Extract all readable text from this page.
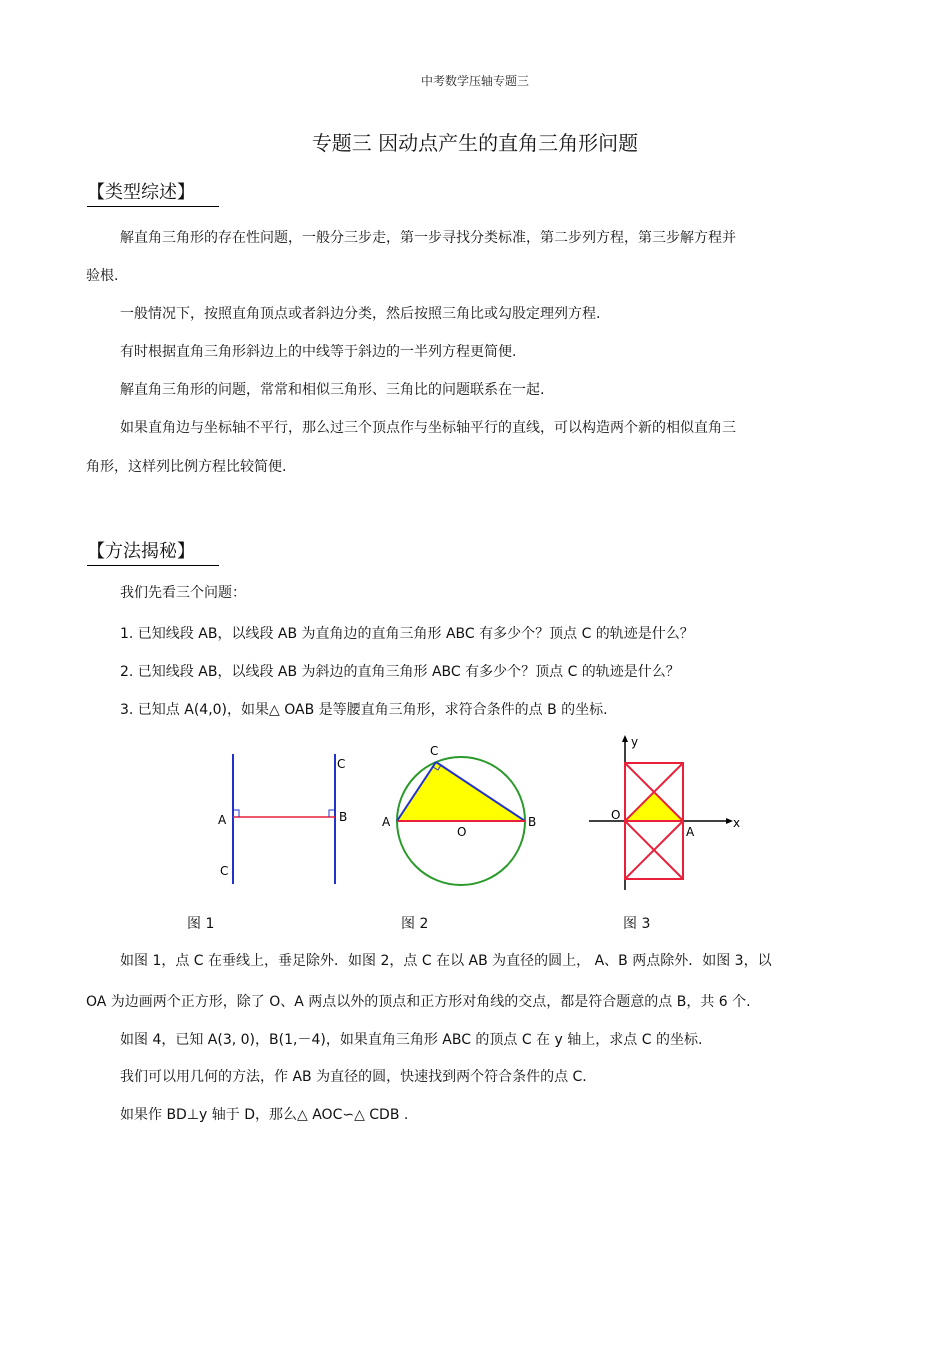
中考数学压轴专题三
专题三 因动点产生的直角三角形问题
【类型综述】
解直角三角形的存在性问题，一般分三步走，第一步寻找分类标准，第二步列方程，第三步解方程并
验根.
一般情况下，按照直角顶点或者斜边分类，然后按照三角比或勾股定理列方程.
有时根据直角三角形斜边上的中线等于斜边的一半列方程更简便.
解直角三角形的问题，常常和相似三角形、三角比的问题联系在一起.
如果直角边与坐标轴不平行，那么过三个顶点作与坐标轴平行的直线，可以构造两个新的相似直角三
角形，这样列比例方程比较简便.
【方法揭秘】
我们先看三个问题：
1. 已知线段 AB，以线段 AB 为直角边的直角三角形 ABC 有多少个？顶点 C 的轨迹是什么？
2. 已知线段 AB，以线段 AB 为斜边的直角三角形 ABC 有多少个？顶点 C 的轨迹是什么？
3. 已知点 A(4,0)，如果△ OAB 是等腰直角三角形，求符合条件的点 B 的坐标.
C
A	B
C
C
A	B
O
y
O
A
x
图 1	图 2	图 3
如图 1，点 C 在垂线上，垂足除外．如图 2，点 C 在以 AB 为直径的圆上， A、B 两点除外．如图 3，以
OA 为边画两个正方形，除了 O、A 两点以外的顶点和正方形对角线的交点，都是符合题意的点 B，共 6 个.
如图 4，已知 A(3, 0)，B(1,－4)，如果直角三角形 ABC 的顶点 C 在 y 轴上，求点 C 的坐标.
我们可以用几何的方法，作 AB 为直径的圆，快速找到两个符合条件的点 C.
如果作 BD⊥y 轴于 D，那么△ AOC∽△ CDB .
